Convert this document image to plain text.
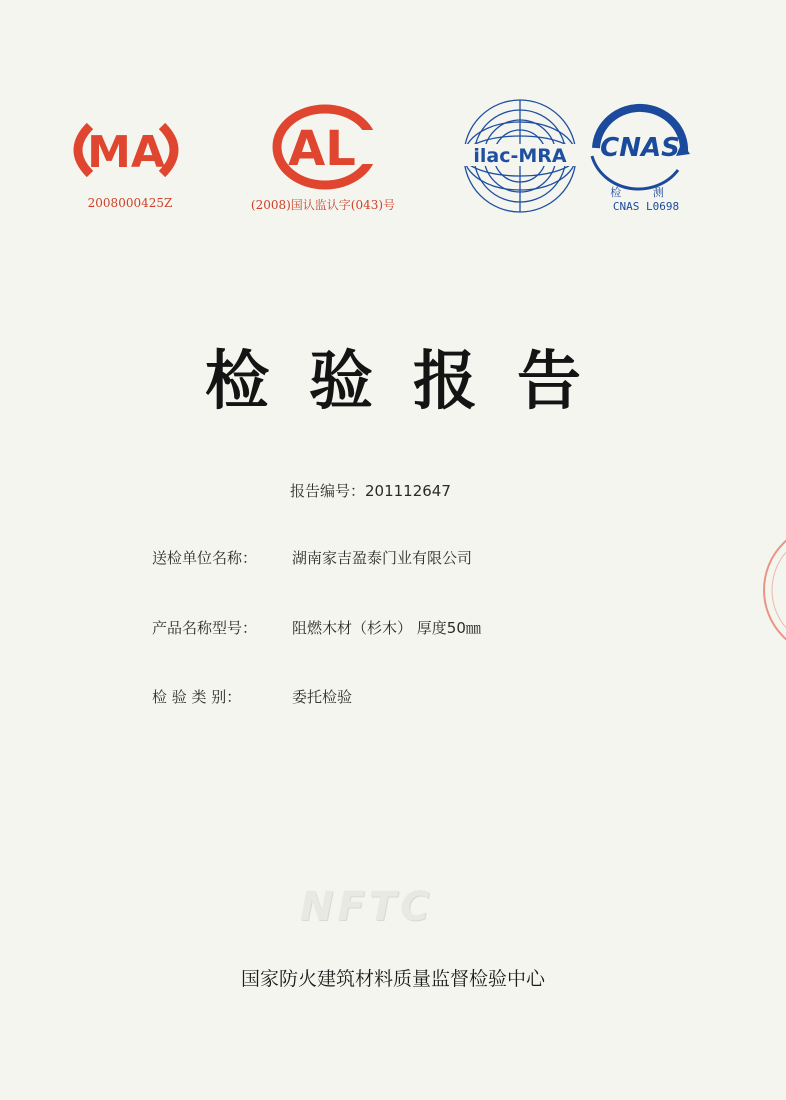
MA
2008000425Z
AL
(2008)国认监认字(043)号
ilac-MRA CNAS
检 测
CNAS L0698
检验报告
报告编号：201112647
送检单位名称： 湖南家吉盈泰门业有限公司
产品名称型号： 阻燃木材（杉木） 厚度50㎜
检 验 类 别：	委托检验
NFTC
国家防火建筑材料质量监督检验中心
